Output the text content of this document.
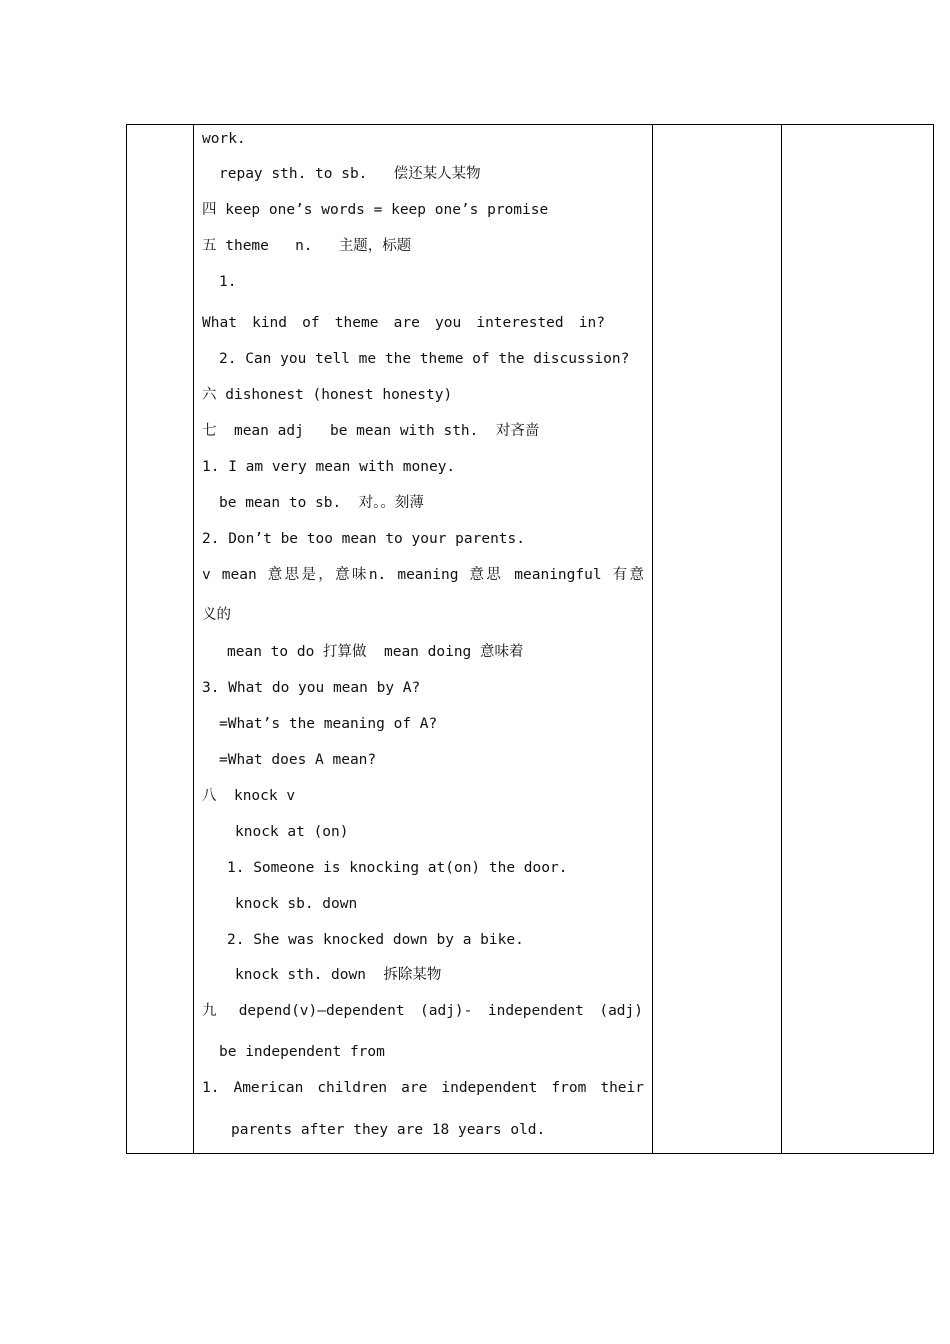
work.
repay sth. to sb.   偿还某人某物
四 keep one’s words = keep one’s promise
五 theme   n.   主题，标题
1.
What kind of theme are you interested in?
2. Can you tell me the theme of the discussion?
六 dishonest (honest honesty)
七  mean adj   be mean with sth.  对吝啬
1. I am very mean with money.
be mean to sb.  对。。刻薄
2. Don’t be too mean to your parents.
v mean 意思是，意味n. meaning 意思 meaningful 有意
义的
mean to do 打算做  mean doing 意味着
3. What do you mean by A?
=What’s the meaning of A?
=What does A mean?
八  knock v
knock at (on)
1. Someone is knocking at(on) the door.
knock sb. down
2. She was knocked down by a bike.
knock sth. down  拆除某物
九 depend(v)—dependent (adj)- independent (adj)
be independent from
1. American children are independent from their
parents after they are 18 years old.
